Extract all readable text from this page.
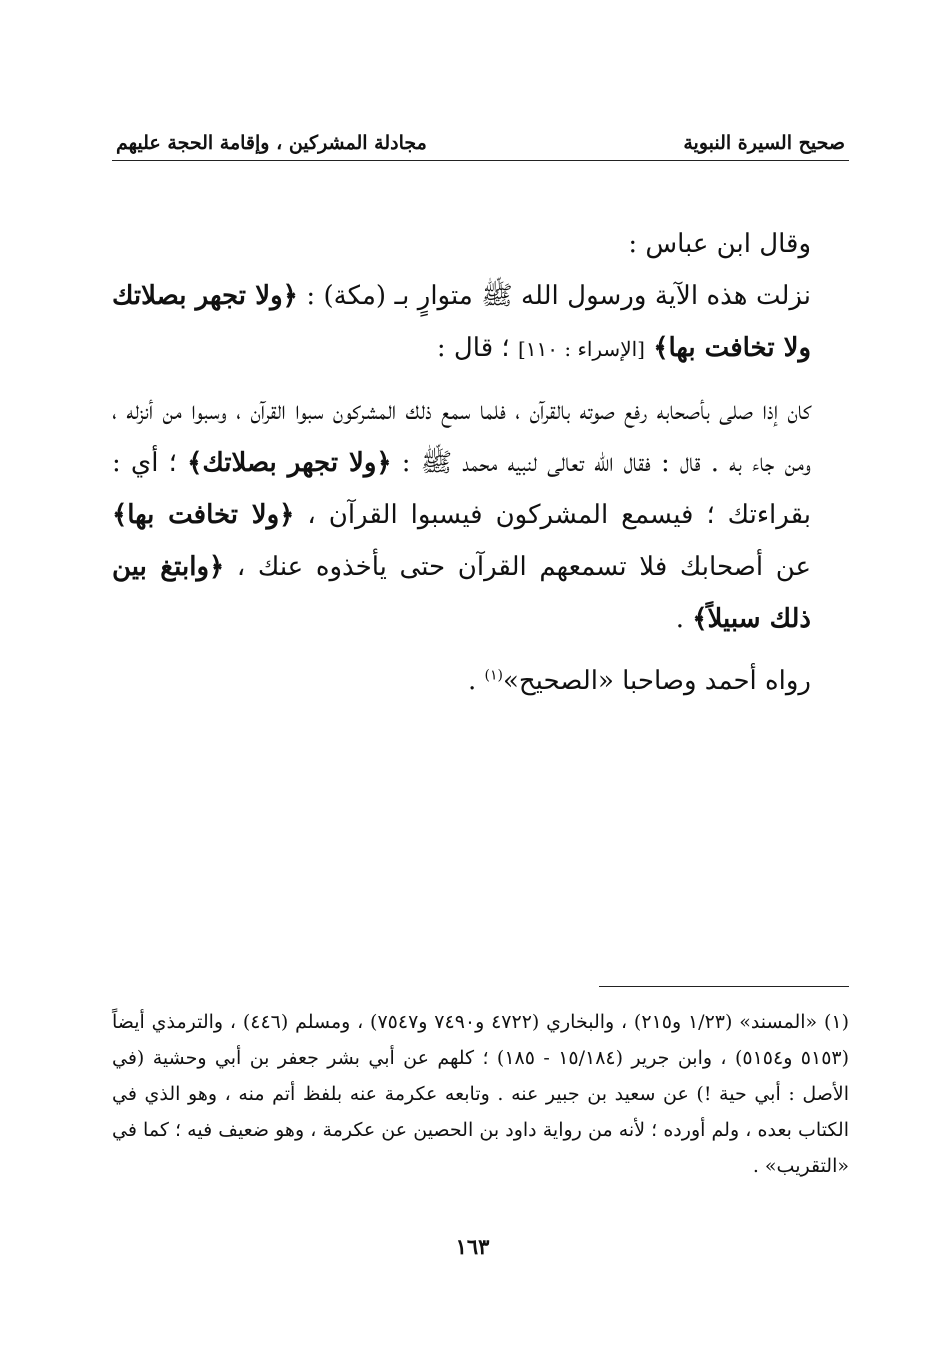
صحيح السيرة النبوية
مجادلة المشركين ، وإقامة الحجة عليهم

وقال ابن عباس :

نزلت هذه الآية ورسول الله ﷺ متوارٍ بـ (مكة) : ﴿ولا تجهر بصلاتك ولا تخافت بها﴾ [الإسراء : ١١٠] ؛ قال :

كان إذا صلى بأصحابه رفع صوته بالقرآن ، فلما سمع ذلك المشركون سبوا القرآن ، وسبوا من أنزله ، ومن جاء به . قال : فقال الله تعالى لنبيه محمد ﷺ : ﴿ولا تجهر بصلاتك﴾ ؛ أي : بقراءتك ؛ فيسمع المشركون فيسبوا القرآن ، ﴿ولا تخافت بها﴾ عن أصحابك فلا تسمعهم القرآن حتى يأخذوه عنك ، ﴿وابتغ بين ذلك سبيلاً﴾ .

رواه أحمد وصاحبا «الصحيح»$^{(١)}$ .

(١) «المسند» (١/٢٣ و٢١٥) ، والبخاري (٤٧٢٢ و٧٤٩٠ و٧٥٤٧) ، ومسلم (٤٤٦) ، والترمذي أيضاً (٥١٥٣ و٥١٥٤) ، وابن جرير (١٥/١٨٤ - ١٨٥) ؛ كلهم عن أبي بشر جعفر بن أبي وحشية (في الأصل : أبي حية !) عن سعيد بن جبير عنه . وتابعه عكرمة عنه بلفظ أتم منه ، وهو الذي في الكتاب بعده ، ولم أورده ؛ لأنه من رواية داود بن الحصين عن عكرمة ، وهو ضعيف فيه ؛ كما في «التقريب» .

١٦٣
